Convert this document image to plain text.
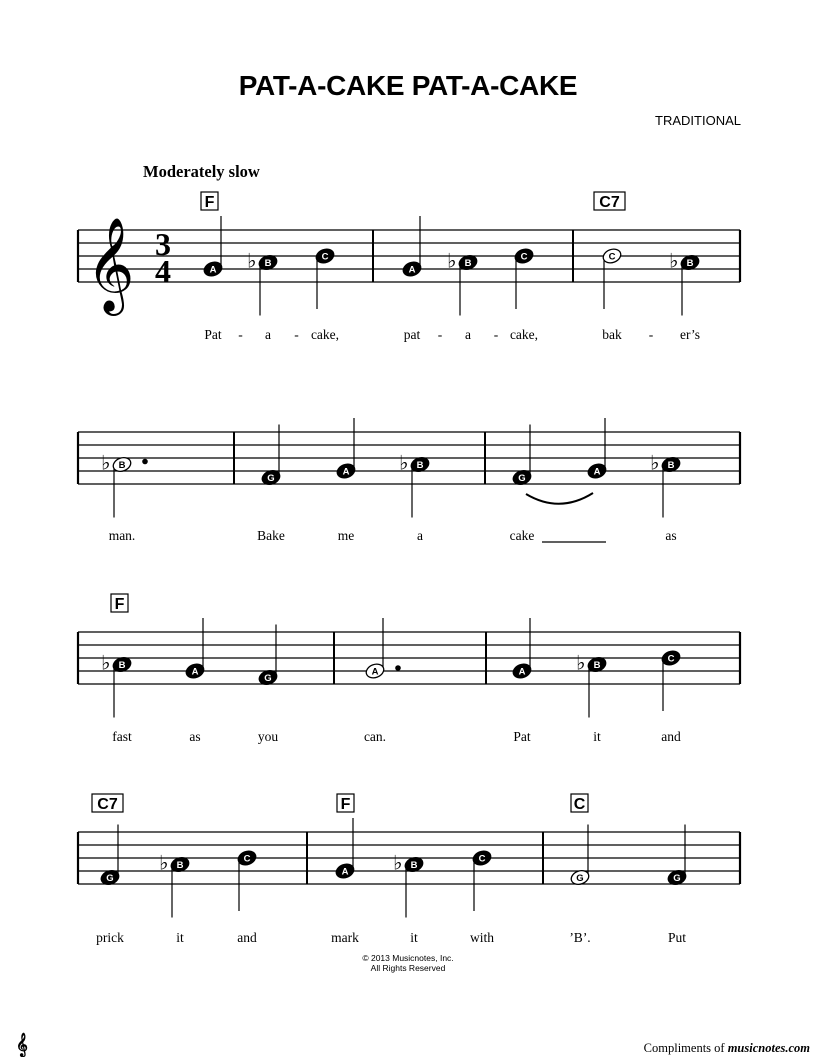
PAT-A-CAKE PAT-A-CAKE
TRADITIONAL
Moderately slow
𝄞 3
4
F
A
Pat
B
♭
a
-
C
cake,
-
A
pat
B
♭
a
-
C
cake,
-
C7
C
bak
B
♭
er’s
-
B
♭
man.
G
Bake
A
me
B
♭
a
G
cake
A
B
♭
as
F
B
♭
fast
A
as
G
you
A
can.
A
Pat
B
♭
it
C
and
C7
G
prick
B
♭
it
C
and
F
A
mark
B
♭
it
C
with
C
G
’B’.
G
Put
© 2013 Musicnotes, Inc.
All Rights Reserved
Compliments of musicnotes.com
𝄞
